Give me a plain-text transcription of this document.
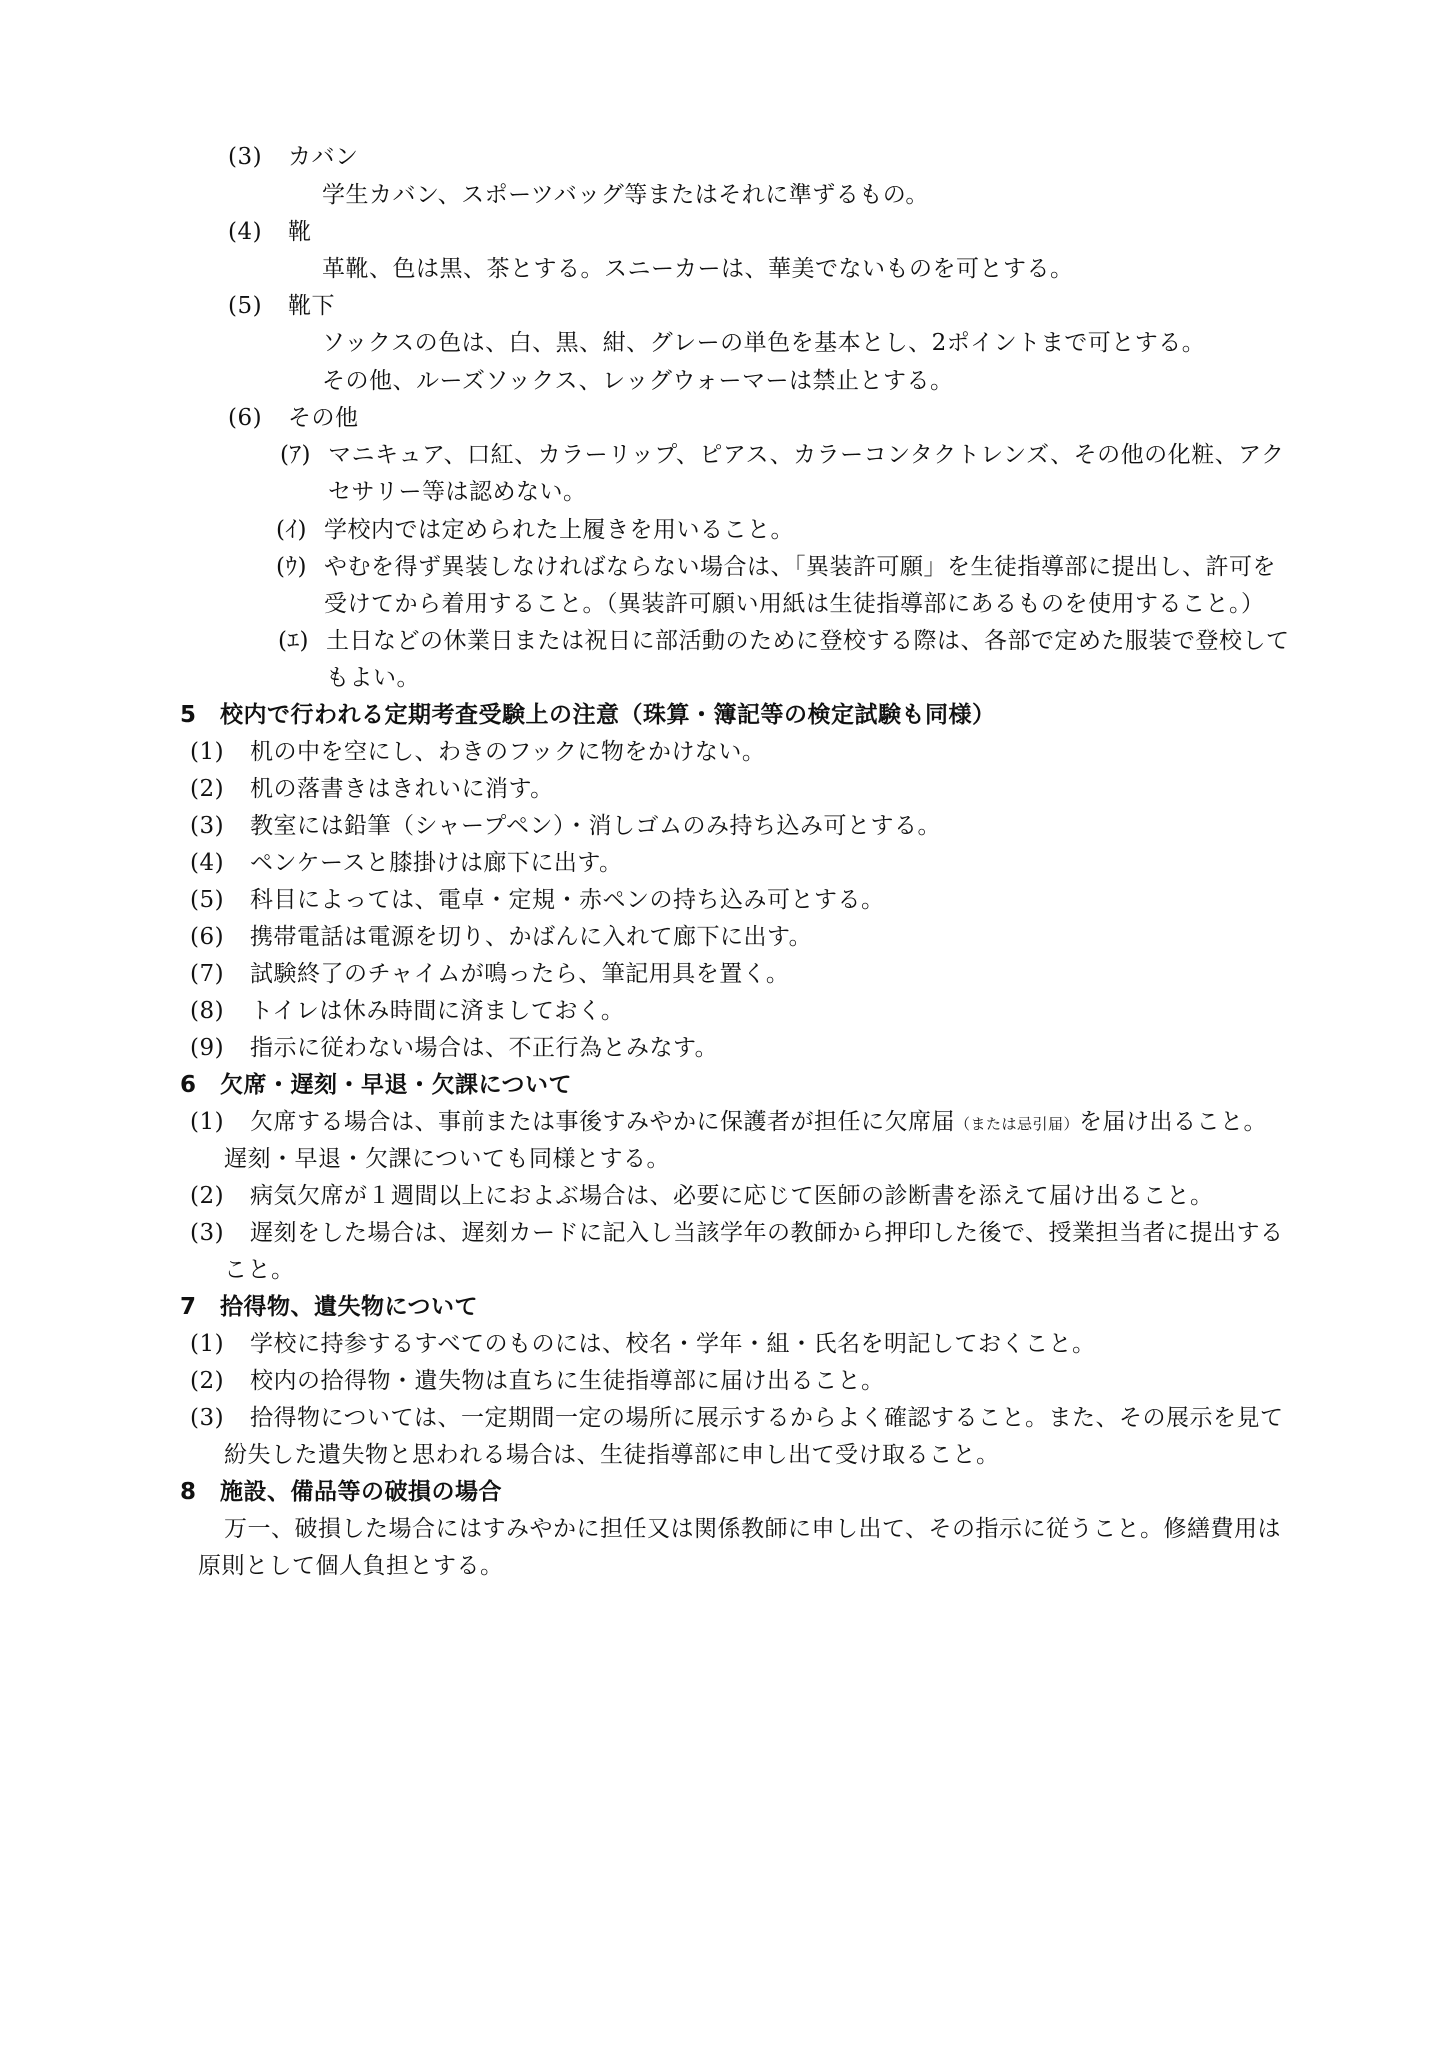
(3) カバン
学生カバン、スポーツバッグ等またはそれに準ずるもの。
(4) 靴
革靴、色は黒、茶とする。スニーカーは、華美でないものを可とする。
(5) 靴下
ソックスの色は、白、黒、紺、グレーの単色を基本とし、2ポイントまで可とする。
その他、ルーズソックス、レッグウォーマーは禁止とする。
(6) その他
(ｱ) マニキュア、口紅、カラーリップ、ピアス、カラーコンタクトレンズ、その他の化粧、アク
セサリー等は認めない。
(ｲ) 学校内では定められた上履きを用いること。
(ｳ) やむを得ず異装しなければならない場合は、「異装許可願」を生徒指導部に提出し、許可を
受けてから着用すること。（異装許可願い用紙は生徒指導部にあるものを使用すること。）
(ｴ) 土日などの休業日または祝日に部活動のために登校する際は、各部で定めた服装で登校して
もよい。
5　校内で行われる定期考査受験上の注意（珠算・簿記等の検定試験も同様）
(1) 机の中を空にし、わきのフックに物をかけない。
(2) 机の落書きはきれいに消す。
(3) 教室には鉛筆（シャープペン）・消しゴムのみ持ち込み可とする。
(4) ペンケースと膝掛けは廊下に出す。
(5) 科目によっては、電卓・定規・赤ペンの持ち込み可とする。
(6) 携帯電話は電源を切り、かばんに入れて廊下に出す。
(7) 試験終了のチャイムが鳴ったら、筆記用具を置く。
(8) トイレは休み時間に済ましておく。
(9) 指示に従わない場合は、不正行為とみなす。
6　欠席・遅刻・早退・欠課について
(1) 欠席する場合は、事前または事後すみやかに保護者が担任に欠席届（または忌引届）を届け出ること。
遅刻・早退・欠課についても同様とする。
(2) 病気欠席が１週間以上におよぶ場合は、必要に応じて医師の診断書を添えて届け出ること。
(3) 遅刻をした場合は、遅刻カードに記入し当該学年の教師から押印した後で、授業担当者に提出する
こと。
7　拾得物、遺失物について
(1) 学校に持参するすべてのものには、校名・学年・組・氏名を明記しておくこと。
(2) 校内の拾得物・遺失物は直ちに生徒指導部に届け出ること。
(3) 拾得物については、一定期間一定の場所に展示するからよく確認すること。また、その展示を見て
紛失した遺失物と思われる場合は、生徒指導部に申し出て受け取ること。
8　施設、備品等の破損の場合
万一、破損した場合にはすみやかに担任又は関係教師に申し出て、その指示に従うこと。修繕費用は
原則として個人負担とする。
